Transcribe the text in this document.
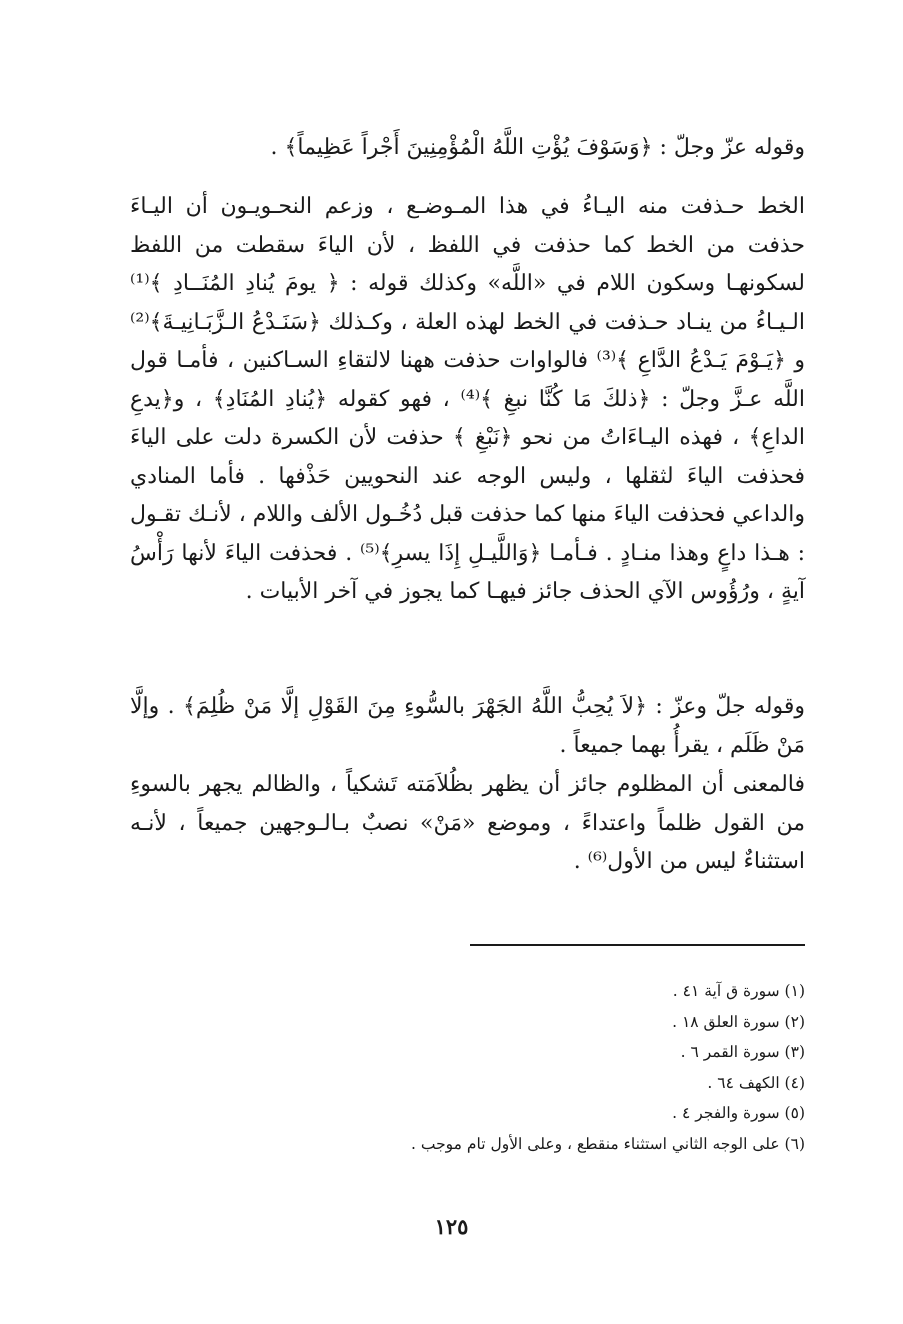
وقوله عزّ وجلّ : ﴿وَسَوْفَ يُؤْتِ اللَّهُ الْمُؤْمِنِينَ أَجْراً عَظِيماً﴾ .

الخط حـذفت منه اليـاءُ في هذا المـوضـع ، وزعم النحـويـون أن اليـاءَ حذفت من الخط كما حذفت في اللفظ ، لأن الياءَ سقطت من اللفظ لسكونهـا وسكون اللام في «اللَّه» وكذلك قوله : ﴿ يومَ يُنادِ المُنَــادِ ﴾⁽¹⁾ الـيـاءُ من ينـاد حـذفت في الخط لهذه العلة ، وكـذلك ﴿سَنَـدْعُ الـزَّبَـانِيـةَ﴾⁽²⁾ و ﴿يَـوْمَ يَـدْعُ الدَّاعِ ﴾⁽³⁾ فالواوات حذفت ههنا لالتقاءِ السـاكنين ، فأمـا قول اللَّه عـزَّ وجلّ : ﴿ذلكَ مَا كُنَّا نبغِ ﴾⁽⁴⁾ ، فهو كقوله ﴿يُنادِ المُنَادِ﴾ ، و﴿يدعِ الداعِ﴾ ، فهذه اليـاءَاتُ من نحو ﴿نَبْغِ ﴾ حذفت لأن الكسرة دلت على الياءَ فحذفت الياءَ لثقلها ، وليس الوجه عند النحويين حَذْفها . فأما المنادي والداعي فحذفت الياءَ منها كما حذفت قبل دُخُـول الألف واللام ، لأنـك تقـول : هـذا داعٍ وهذا منـادٍ . فـأمـا ﴿وَاللَّيـلِ إِذَا يسرِ﴾⁽⁵⁾ . فحذفت الياءَ لأنها رَأْسُ آيةٍ ، ورُؤُوس الآي الحذف جائز فيهـا كما يجوز في آخر الأبيات .

وقوله جلّ وعزّ : ﴿لاَ يُحِبُّ اللَّهُ الجَهْرَ بالسُّوءِ مِنَ القَوْلِ إلَّا مَنْ ظُلِمَ﴾ . وإلَّا مَنْ ظَلَم ، يقرأُ بهما جميعاً .

فالمعنى أن المظلوم جائز أن يظهر بظُلاَمَته تَشكياً ، والظالم يجهر بالسوءِ من القول ظلماً واعتداءً ، وموضع «مَنْ» نصبٌ بـالـوجهين جميعاً ، لأنـه استثناءٌ ليس من الأول⁽⁶⁾ .

(١) سورة ق آية ٤١ .
(٢) سورة العلق ١٨ .
(٣) سورة القمر ٦ .
(٤) الكهف ٦٤ .
(٥) سورة والفجر ٤ .
(٦) على الوجه الثاني استثناء منقطع ، وعلى الأول تام موجب .
١٢٥
